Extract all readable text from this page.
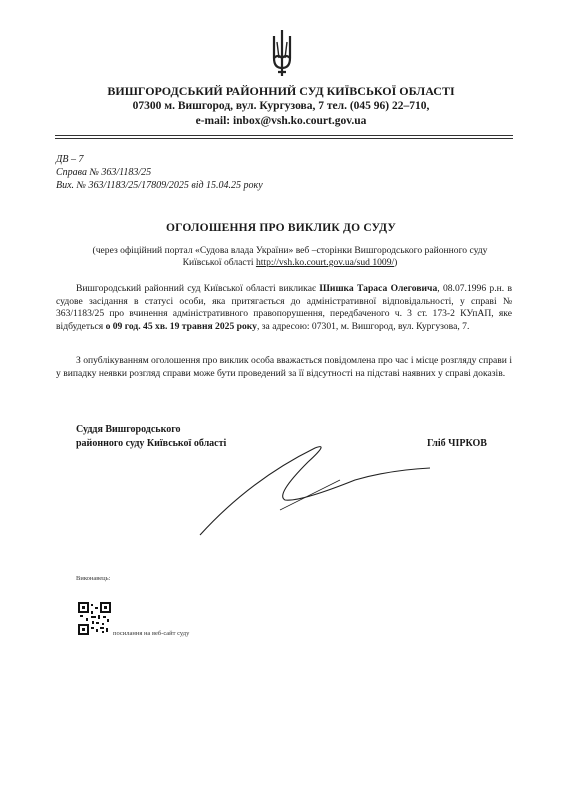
ВИШГОРОДСЬКИЙ РАЙОННИЙ СУД КИЇВСЬКОЇ ОБЛАСТІ
07300 м. Вишгород, вул. Кургузова, 7 тел. (045 96) 22–710,
e-mail: inbox@vsh.ko.court.gov.ua
ДВ – 7
Справа № 363/1183/25
Вих. № 363/1183/25/17809/2025 від 15.04.25 року
ОГОЛОШЕННЯ ПРО ВИКЛИК ДО СУДУ
(через офіційний портал «Судова влада України» веб –сторінки Вишгородського районного суду Київської області http://vsh.ko.court.gov.ua/sud 1009/)
Вишгородський районний суд Київської області викликає Шишка Тараса Олеговича, 08.07.1996 р.н. в судове засідання в статусі особи, яка притягається до адміністративної відповідальності, у справі № 363/1183/25 про вчинення адміністративного правопорушення, передбаченого ч. 3 ст. 173-2 КУпАП, яке відбудеться о 09 год. 45 хв. 19 травня 2025 року, за адресою: 07301, м. Вишгород, вул. Кургузова, 7.
З опублікуванням оголошення про виклик особа вважається повідомлена про час і місце розгляду справи і у випадку неявки розгляд справи може бути проведений за її відсутності на підставі наявних у справі доказів.
Суддя Вишгородського
районного суду Київської області	Гліб ЧІРКОВ
Виконавець:
посилання на веб-сайт суду
